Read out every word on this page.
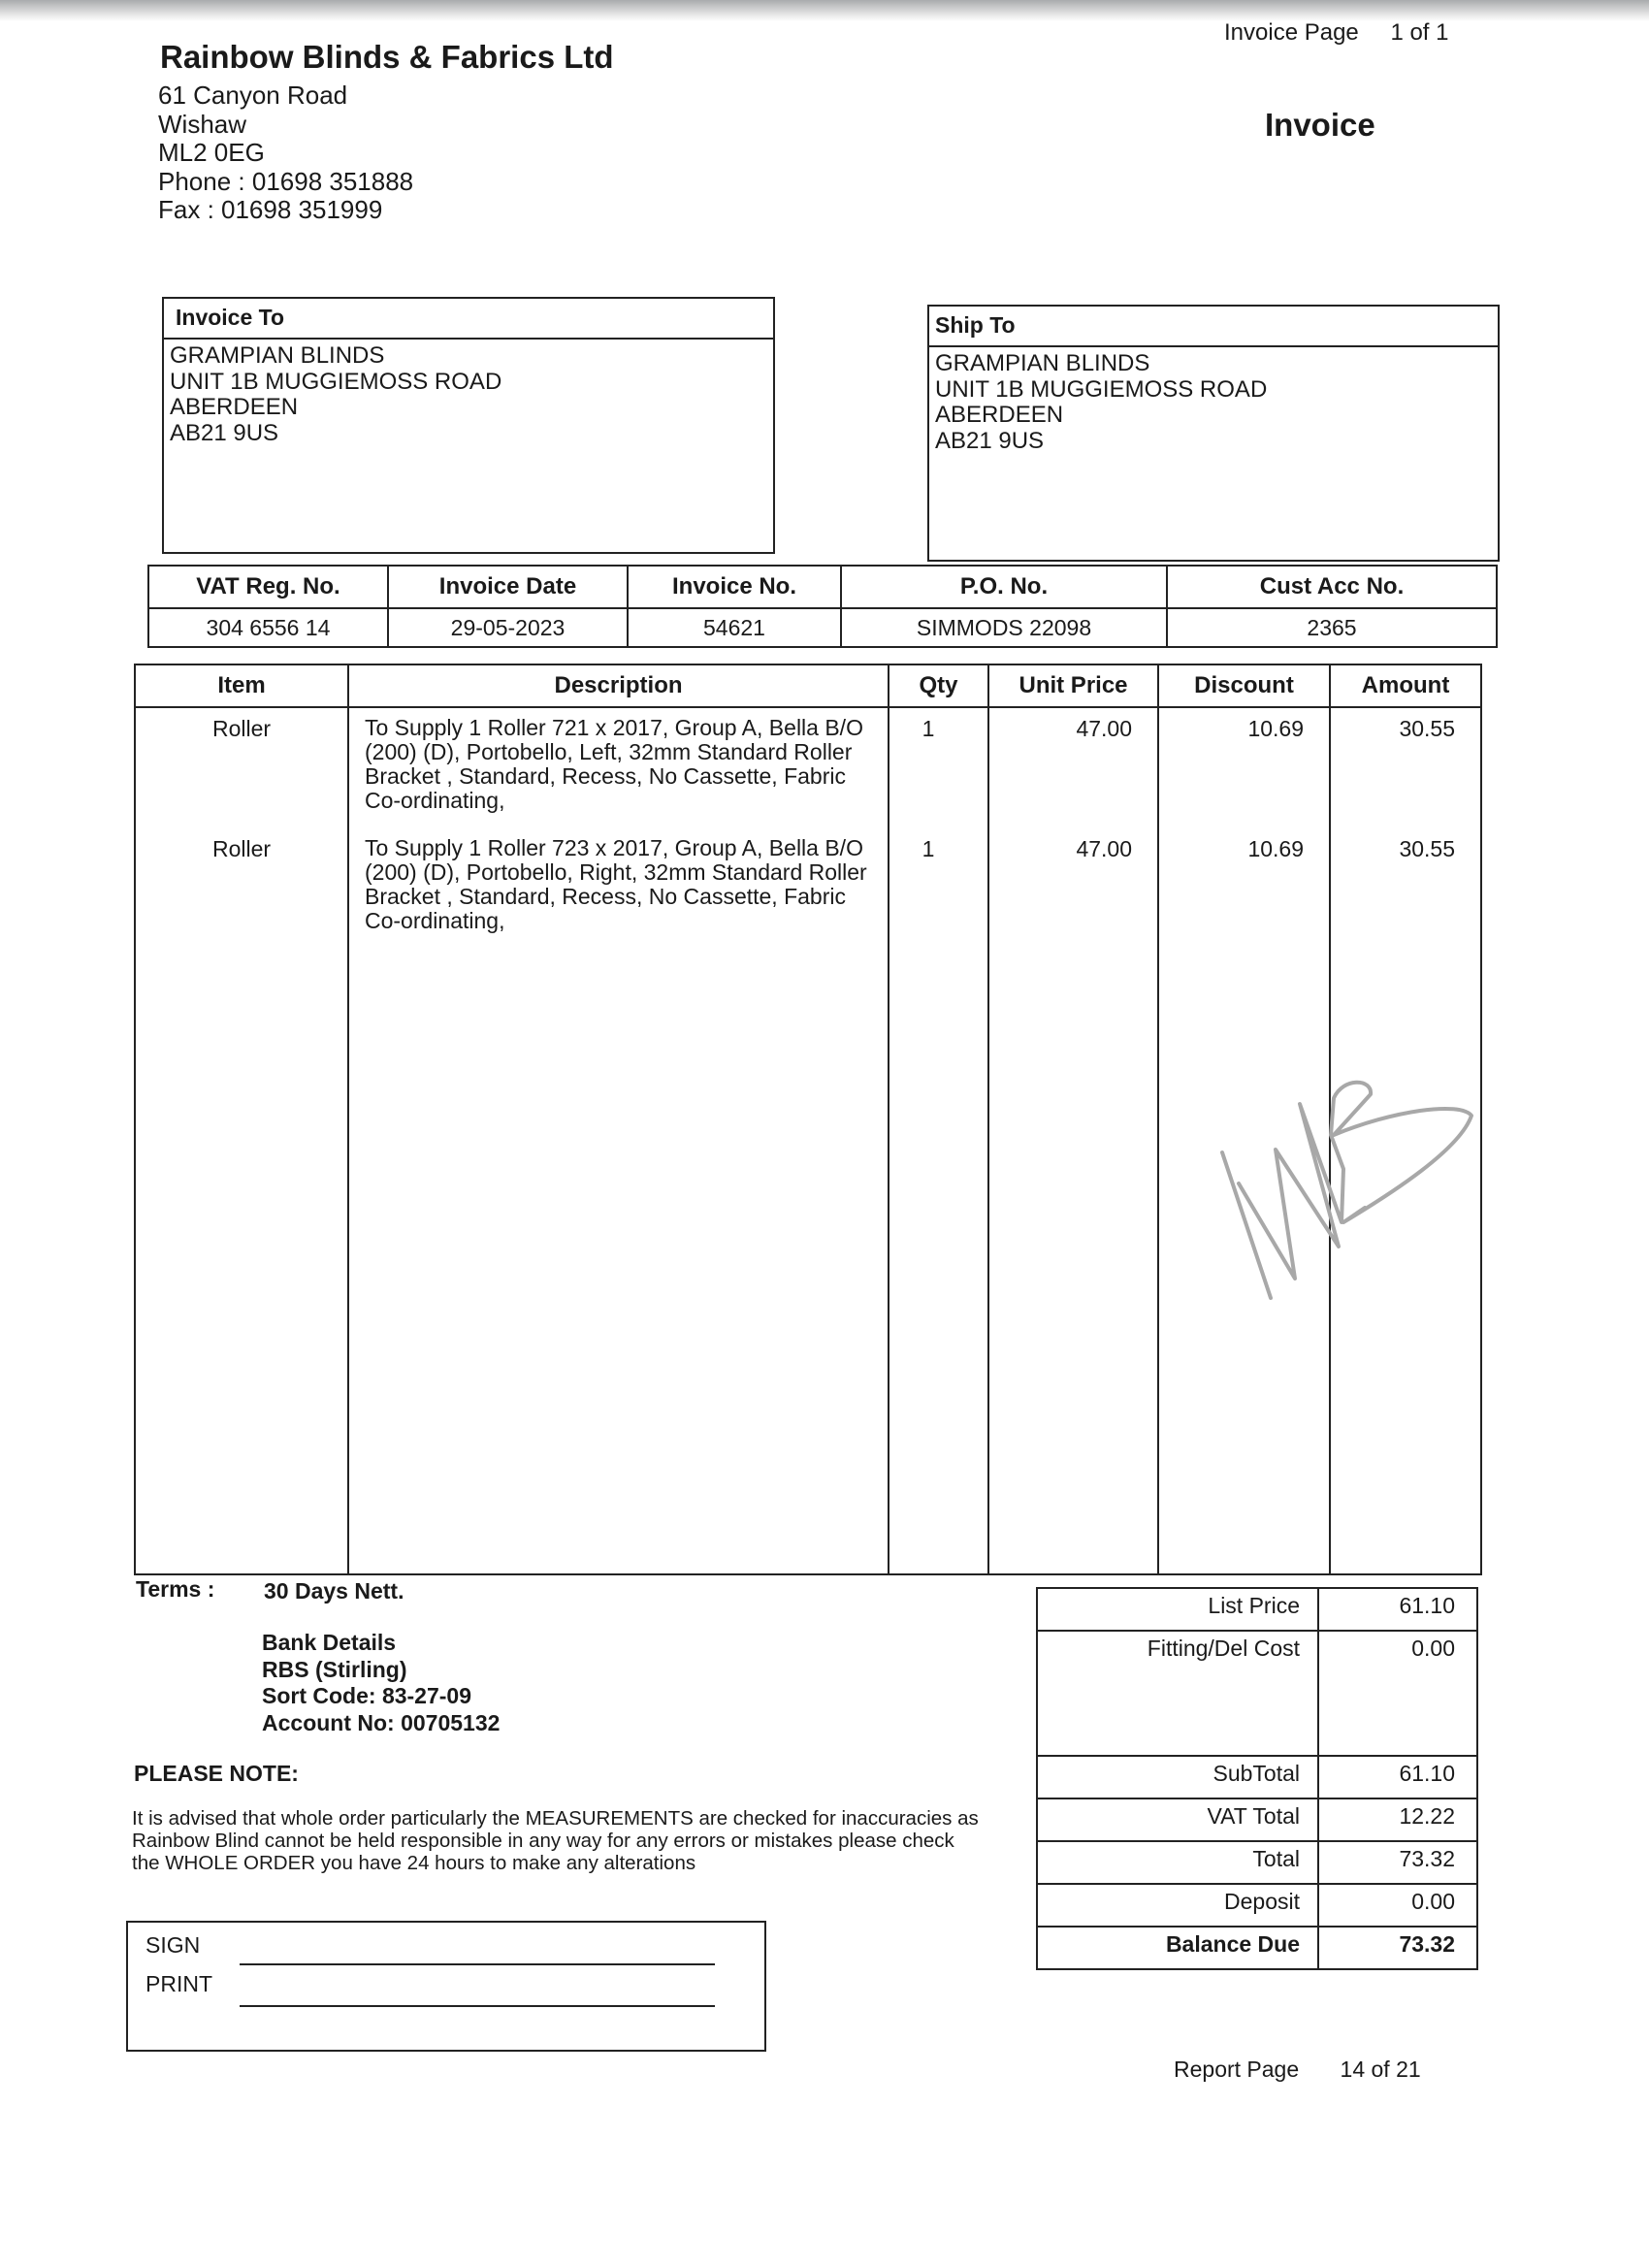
Rainbow Blinds & Fabrics Ltd
61 Canyon Road
Wishaw
ML2 0EG
Phone : 01698 351888
Fax : 01698 351999
Invoice Page 1 of 1
Invoice
Invoice To
GRAMPIAN BLINDS
UNIT 1B MUGGIEMOSS ROAD
ABERDEEN
AB21 9US
Ship To
GRAMPIAN BLINDS
UNIT 1B MUGGIEMOSS ROAD
ABERDEEN
AB21 9US
VAT Reg. No.	Invoice Date	Invoice No.	P.O. No.	Cust Acc No.
304 6556 14	29-05-2023	54621	SIMMODS 22098	2365
Item	Description	Qty	Unit Price	Discount	Amount
Roller	To Supply 1 Roller 721 x 2017, Group A, Bella B/O (200) (D), Portobello, Left, 32mm Standard Roller Bracket , Standard, Recess, No Cassette, Fabric Co-ordinating,	1	47.00	10.69	30.55
Roller	To Supply 1 Roller 723 x 2017, Group A, Bella B/O (200) (D), Portobello, Right, 32mm Standard Roller Bracket , Standard, Recess, No Cassette, Fabric Co-ordinating,	1	47.00	10.69	30.55
Terms : 30 Days Nett.
Bank Details
RBS (Stirling)
Sort Code: 83-27-09
Account No: 00705132
PLEASE NOTE:
It is advised that whole order particularly the MEASUREMENTS are checked for inaccuracies as Rainbow Blind cannot be held responsible in any way for any errors or mistakes please check the WHOLE ORDER you have 24 hours to make any alterations
SIGN
PRINT
List Price	61.10
Fitting/Del Cost	0.00
SubTotal	61.10
VAT Total	12.22
Total	73.32
Deposit	0.00
Balance Due	73.32
Report Page 14 of 21
